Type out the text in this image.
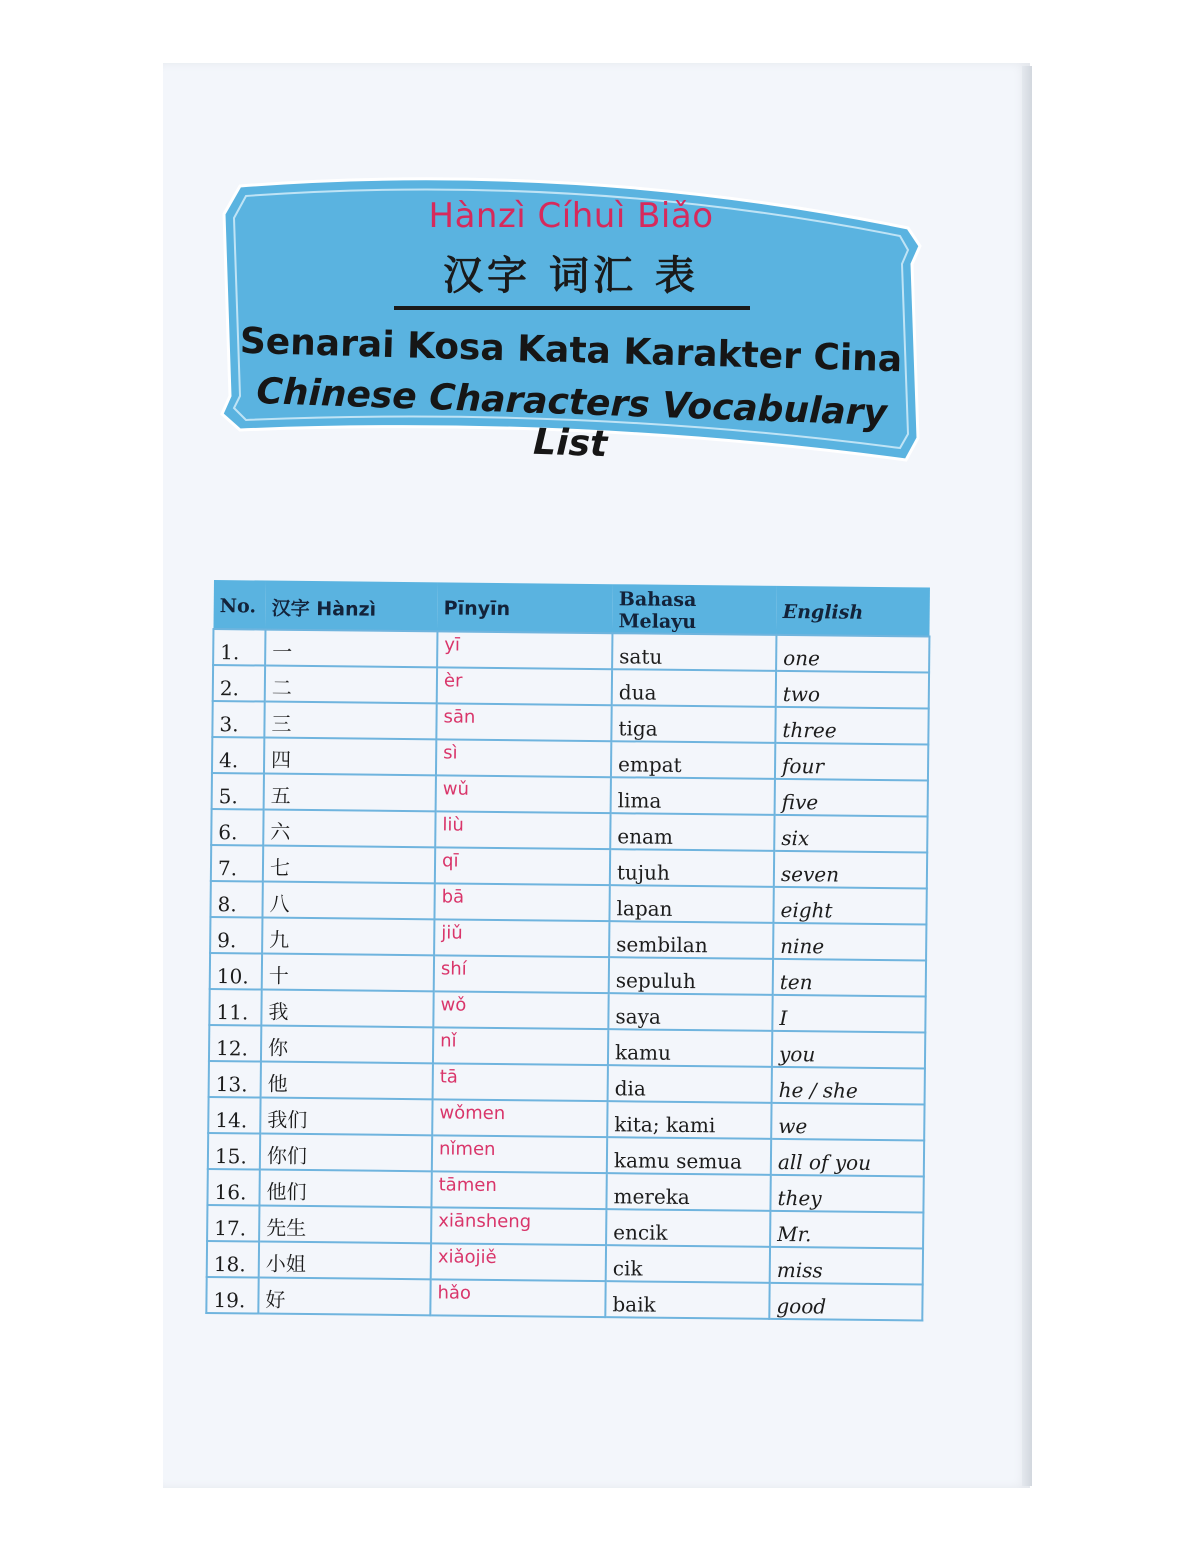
Hànzì Cíhuì Biǎo
汉字 词汇 表
Senarai Kosa Kata Karakter Cina
Chinese Characters Vocabulary List
No.	汉字 Hànzì	Pīnyīn	Bahasa Melayu	English
1.	一	yī	satu	one
2.	二	èr	dua	two
3.	三	sān	tiga	three
4.	四	sì	empat	four
5.	五	wǔ	lima	five
6.	六	liù	enam	six
7.	七	qī	tujuh	seven
8.	八	bā	lapan	eight
9.	九	jiǔ	sembilan	nine
10.	十	shí	sepuluh	ten
11.	我	wǒ	saya	I
12.	你	nǐ	kamu	you
13.	他	tā	dia	he / she
14.	我们	wǒmen	kita; kami	we
15.	你们	nǐmen	kamu semua	all of you
16.	他们	tāmen	mereka	they
17.	先生	xiānsheng	encik	Mr.
18.	小姐	xiǎojiě	cik	miss
19.	好	hǎo	baik	good
